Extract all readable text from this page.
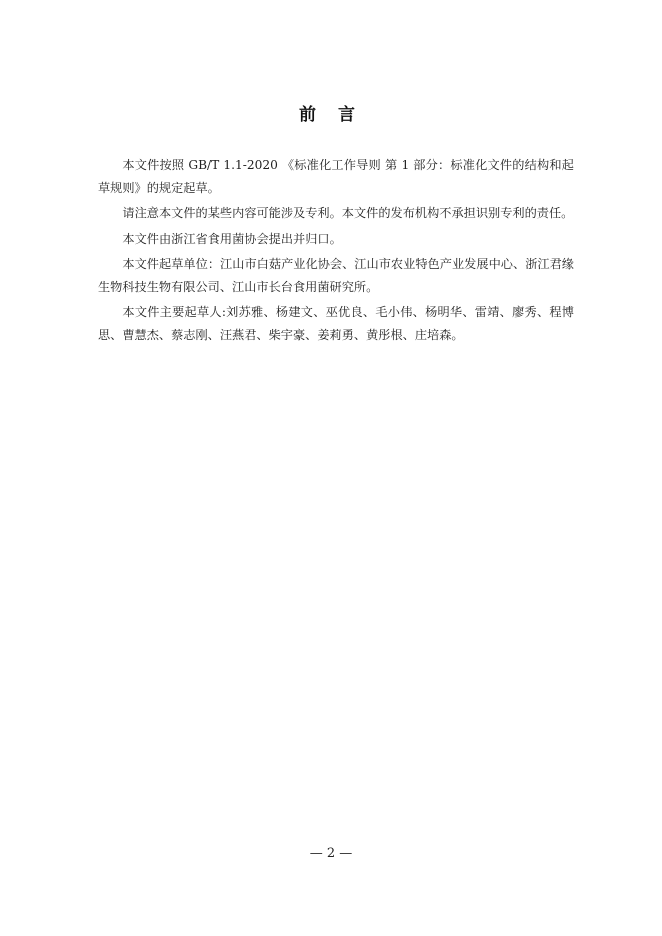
前 言

本文件按照 GB/T 1.1-2020 《标准化工作导则 第 1 部分：标准化文件的结构和起草规则》的规定起草。

请注意本文件的某些内容可能涉及专利。本文件的发布机构不承担识别专利的责任。

本文件由浙江省食用菌协会提出并归口。

本文件起草单位：江山市白菇产业化协会、江山市农业特色产业发展中心、浙江君缘生物科技生物有限公司、江山市长台食用菌研究所。

本文件主要起草人:刘苏雅、杨建文、巫优良、毛小伟、杨明华、雷靖、廖秀、程博思、曹慧杰、蔡志刚、汪燕君、柴宇豪、姜莉勇、黄彤根、庄培森。

— 2 —
